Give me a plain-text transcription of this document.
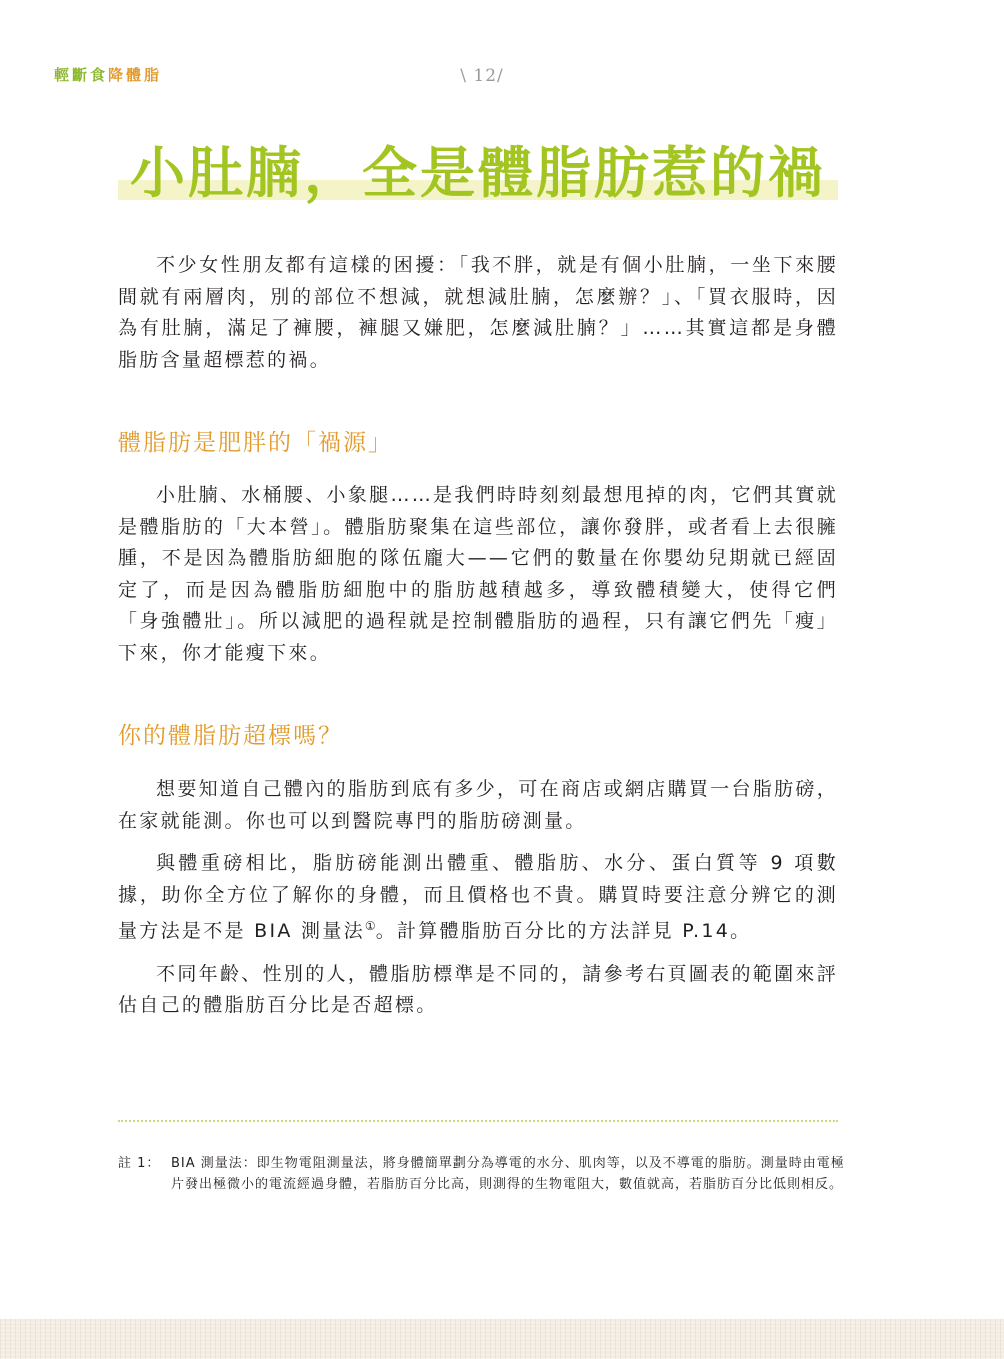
輕斷食降體脂	\ 12/
小肚腩，全是體脂肪惹的禍

不少女性朋友都有這樣的困擾：「我不胖，就是有個小肚腩，一坐下來腰間就有兩層肉，別的部位不想減，就想減肚腩，怎麼辦？」、「買衣服時，因為有肚腩，滿足了褲腰，褲腿又嫌肥，怎麼減肚腩？」……其實這都是身體脂肪含量超標惹的禍。

體脂肪是肥胖的「禍源」

小肚腩、水桶腰、小象腿……是我們時時刻刻最想甩掉的肉，它們其實就是體脂肪的「大本營」。體脂肪聚集在這些部位，讓你發胖，或者看上去很臃腫，不是因為體脂肪細胞的隊伍龐大——它們的數量在你嬰幼兒期就已經固定了，而是因為體脂肪細胞中的脂肪越積越多，導致體積變大，使得它們「身強體壯」。所以減肥的過程就是控制體脂肪的過程，只有讓它們先「瘦」下來，你才能瘦下來。

你的體脂肪超標嗎？

想要知道自己體內的脂肪到底有多少，可在商店或網店購買一台脂肪磅，在家就能測。你也可以到醫院專門的脂肪磅測量。

與體重磅相比，脂肪磅能測出體重、體脂肪、水分、蛋白質等 9 項數據，助你全方位了解你的身體，而且價格也不貴。購買時要注意分辨它的測量方法是不是 BIA 測量法①。計算體脂肪百分比的方法詳見 P.14。

不同年齡、性別的人，體脂肪標準是不同的，請參考右頁圖表的範圍來評估自己的體脂肪百分比是否超標。

註 1： BIA 測量法：即生物電阻測量法，將身體簡單劃分為導電的水分、肌肉等，以及不導電的脂肪。測量時由電極片發出極微小的電流經過身體，若脂肪百分比高，則測得的生物電阻大，數值就高，若脂肪百分比低則相反。
